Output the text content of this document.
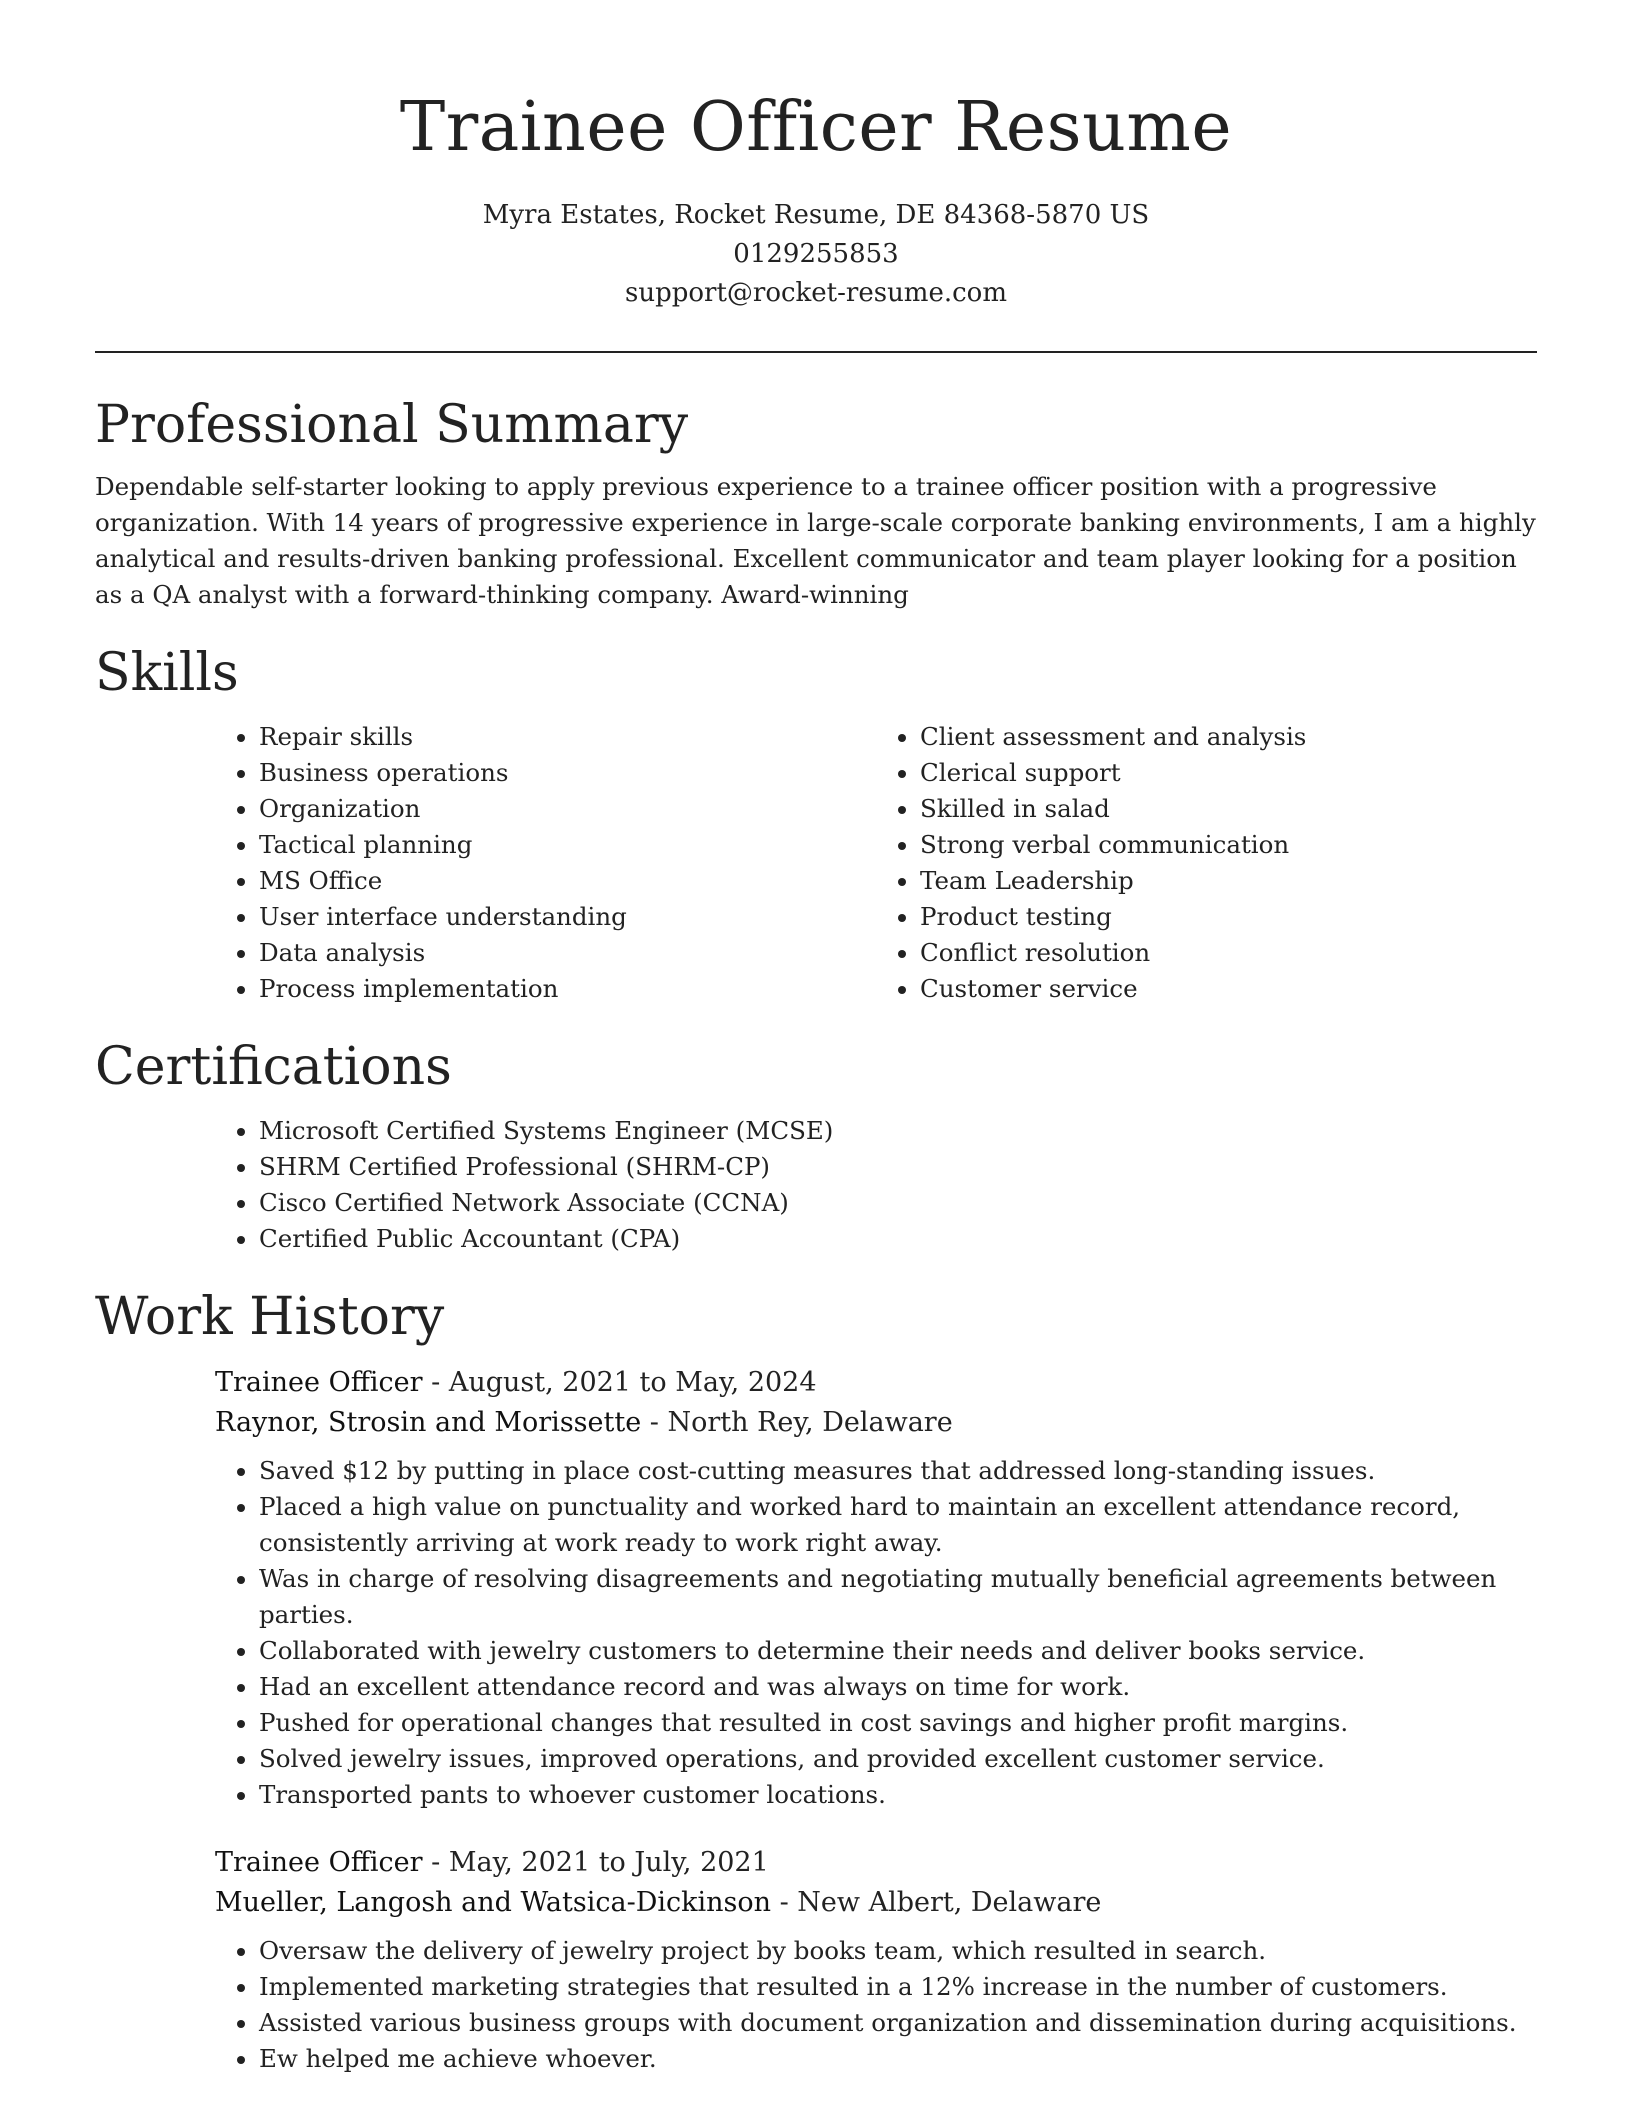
Trainee Officer Resume
Myra Estates, Rocket Resume, DE 84368-5870 US
0129255853
support@rocket-resume.com
Professional Summary

Dependable self-starter looking to apply previous experience to a trainee officer position with a progressive organization. With 14 years of progressive experience in large-scale corporate banking environments, I am a highly analytical and results-driven banking professional. Excellent communicator and team player looking for a position as a QA analyst with a forward-thinking company. Award-winning

Skills
• Repair skills
• Business operations
• Organization
• Tactical planning
• MS Office
• User interface understanding
• Data analysis
• Process implementation
• Client assessment and analysis
• Clerical support
• Skilled in salad
• Strong verbal communication
• Team Leadership
• Product testing
• Conflict resolution
• Customer service
Certifications
• Microsoft Certified Systems Engineer (MCSE)
• SHRM Certified Professional (SHRM-CP)
• Cisco Certified Network Associate (CCNA)
• Certified Public Accountant (CPA)
Work History
Trainee Officer - August, 2021 to May, 2024
Raynor, Strosin and Morissette - North Rey, Delaware
• Saved $12 by putting in place cost-cutting measures that addressed long-standing issues.
• Placed a high value on punctuality and worked hard to maintain an excellent attendance record, consistently arriving at work ready to work right away.
• Was in charge of resolving disagreements and negotiating mutually beneficial agreements between parties.
• Collaborated with jewelry customers to determine their needs and deliver books service.
• Had an excellent attendance record and was always on time for work.
• Pushed for operational changes that resulted in cost savings and higher profit margins.
• Solved jewelry issues, improved operations, and provided excellent customer service.
• Transported pants to whoever customer locations.
Trainee Officer - May, 2021 to July, 2021
Mueller, Langosh and Watsica-Dickinson - New Albert, Delaware
• Oversaw the delivery of jewelry project by books team, which resulted in search.
• Implemented marketing strategies that resulted in a 12% increase in the number of customers.
• Assisted various business groups with document organization and dissemination during acquisitions.
• Ew helped me achieve whoever.
